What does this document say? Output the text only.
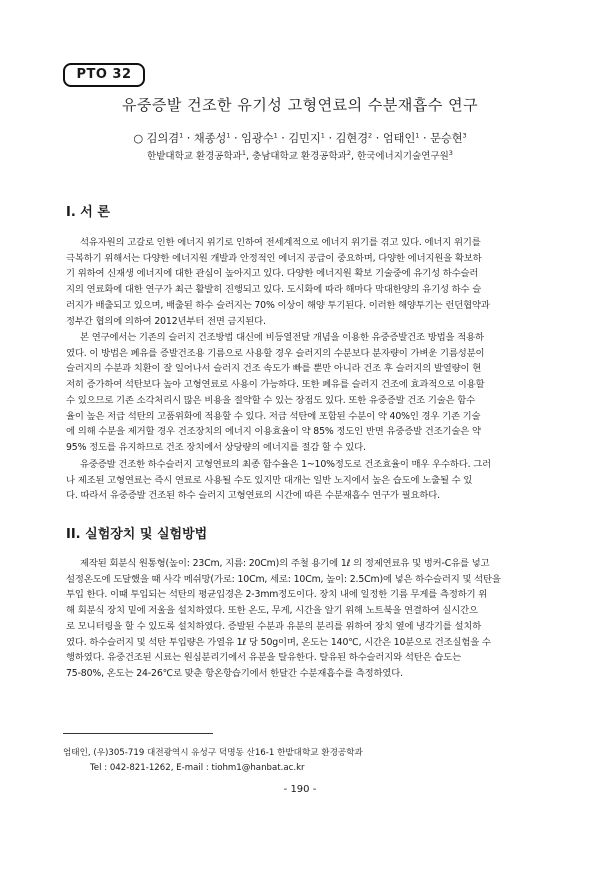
PTO 32
유중증발 건조한 유기성 고형연료의 수분재흡수 연구
○ 김의겸$^1$ · 채종성$^1$ · 임광수$^1$ · 김민지$^1$ · 김현경$^2$ · 엄태인$^1$ · 문승현$^3$
한밭대학교 환경공학과$^1$, 충남대학교 환경공학과$^2$, 한국에너지기술연구원$^3$
I. 서 론
석유자원의 고갈로 인한 에너지 위기로 인하여 전세계적으로 에너지 위기를 겪고 있다. 에너지 위기를
극복하기 위해서는 다양한 에너지원 개발과 안정적인 에너지 공급이 중요하며, 다양한 에너지원을 확보하
기 위하여 신재생 에너지에 대한 관심이 높아지고 있다. 다양한 에너지원 확보 기술중에 유기성 하수슬러
지의 연료화에 대한 연구가 최근 활발히 진행되고 있다. 도시화에 따라 해마다 막대한양의 유기성 하수 슬
러지가 배출되고 있으며, 배출된 하수 슬러지는 70% 이상이 해양 투기된다. 이러한 해양투기는 런던협약과
정부간 협의에 의하여 2012년부터 전면 금지된다.
본 연구에서는 기존의 슬러지 건조방법 대신에 비등열전달 개념을 이용한 유중증발건조 방법을 적용하
였다. 이 방법은 폐유를 증발건조용 기름으로 사용할 경우 슬러지의 수분보다 분자량이 가벼운 기름성분이
슬러지의 수분과 치환이 잘 일어나서 슬러지 건조 속도가 빠를 뿐만 아니라 건조 후 슬러지의 발열량이 현
저히 증가하여 석탄보다 높아 고형연료로 사용이 가능하다. 또한 폐유를 슬러지 건조에 효과적으로 이용할
수 있으므로 기존 소각처리시 많은 비용을 절약할 수 있는 장점도 있다. 또한 유중증발 건조 기술은 함수
율이 높은 저급 석탄의 고품위화에 적용할 수 있다. 저급 석탄에 포함된 수분이 약 40%인 경우 기존 기술
에 의해 수분을 제거할 경우 건조장치의 에너지 이용효율이 약 85% 정도인 반면 유중증발 건조기술은 약
95% 정도를 유지하므로 건조 장치에서 상당량의 에너지를 절감 할 수 있다.
유중증발 건조한 하수슬러지 고형연료의 최종 함수율은 1~10%정도로 건조효율이 매우 우수하다. 그러
나 제조된 고형연료는 즉시 연료로 사용될 수도 있지만 대개는 일반 노지에서 높은 습도에 노출될 수 있
다. 따라서 유중증발 건조된 하수 슬러지 고형연료의 시간에 따른 수분재흡수 연구가 필요하다.
II. 실험장치 및 실험방법
제작된 회분식 원통형(높이: 23Cm, 지름: 20Cm)의 주철 용기에 1ℓ 의 정제연료유 및 벙커-C유를 넣고
설정온도에 도달했을 때 사각 메쉬망(가로: 10Cm, 세로: 10Cm, 높이: 2.5Cm)에 넣은 하수슬러지 및 석탄을
투입 한다. 이때 투입되는 석탄의 평균입경은 2-3mm정도이다. 장치 내에 일정한 기름 무게를 측정하기 위
해 회분식 장치 밑에 저울을 설치하였다. 또한 온도, 무게, 시간을 알기 위해 노트북을 연결하여 실시간으
로 모니터링을 할 수 있도록 설치하였다. 증발된 수분과 유분의 분리를 위하여 장치 옆에 냉각기를 설치하
였다. 하수슬러지 및 석탄 투입량은 가열유 1ℓ 당 50g이며, 온도는 140℃, 시간은 10분으로 건조실험을 수
행하였다. 유중건조된 시료는 원심분리기에서 유분을 탈유한다. 탈유된 하수슬러지와 석탄은 습도는
75-80%, 온도는 24-26℃로 맞춘 항온항습기에서 한달간 수분재흡수를 측정하였다.
엄태인, (우)305-719 대전광역시 유성구 덕명동 산16-1 한밭대학교 환경공학과
Tel : 042-821-1262, E-mail : tiohm1@hanbat.ac.kr
- 190 -
